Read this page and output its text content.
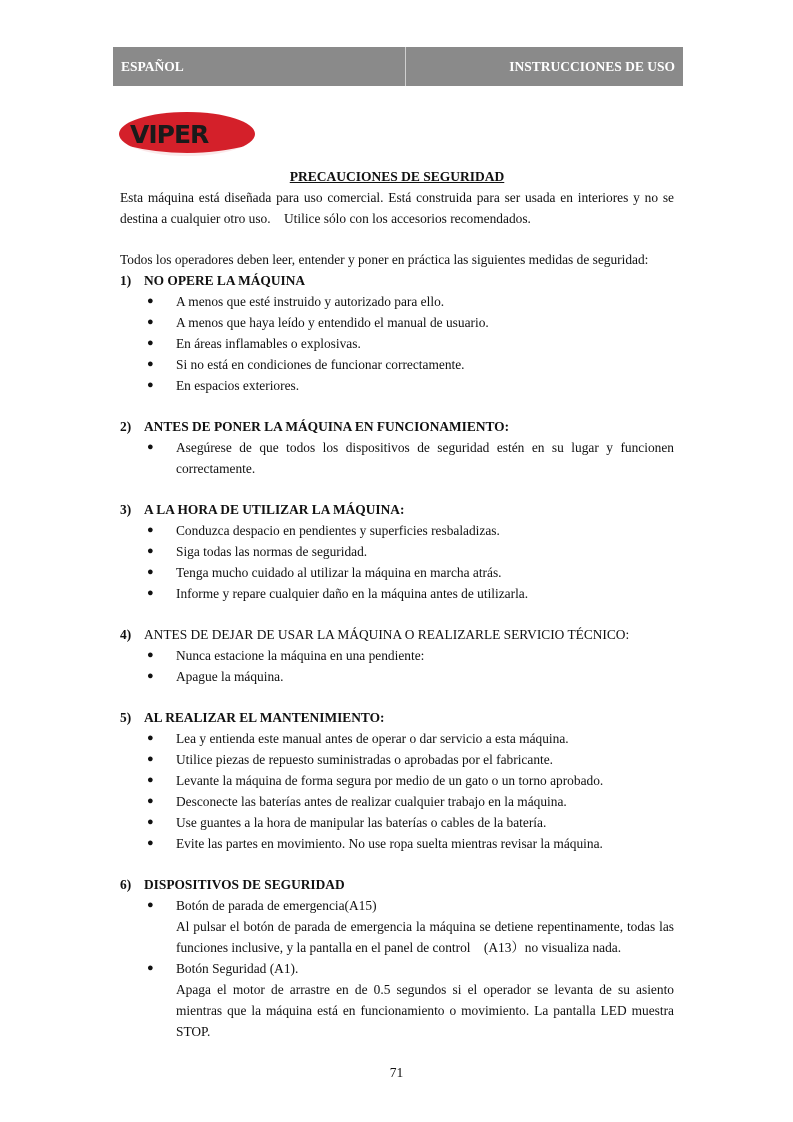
ESPAÑOL	INSTRUCCIONES DE USO
VIPER

PRECAUCIONES DE SEGURIDAD

Esta máquina está diseñada para uso comercial. Está construida para ser usada en interiores y no se destina a cualquier otro uso.　Utilice sólo con los accesorios recomendados.

Todos los operadores deben leer, entender y poner en práctica las siguientes medidas de seguridad:

1) NO OPERE LA MÁQUINA
●	A menos que esté instruido y autorizado para ello.
●	A menos que haya leído y entendido el manual de usuario.
●	En áreas inflamables o explosivas.
●	Si no está en condiciones de funcionar correctamente.
●	En espacios exteriores.
2) ANTES DE PONER LA MÁQUINA EN FUNCIONAMIENTO:
●	Asegúrese de que todos los dispositivos de seguridad estén en su lugar y funcionen correctamente.
3) A LA HORA DE UTILIZAR LA MÁQUINA:
●	Conduzca despacio en pendientes y superficies resbaladizas.
●	Siga todas las normas de seguridad.
●	Tenga mucho cuidado al utilizar la máquina en marcha atrás.
●	Informe y repare cualquier daño en la máquina antes de utilizarla.
4) ANTES DE DEJAR DE USAR LA MÁQUINA O REALIZARLE SERVICIO TÉCNICO:
●	Nunca estacione la máquina en una pendiente:
●	Apague la máquina.
5) AL REALIZAR EL MANTENIMIENTO:
●	Lea y entienda este manual antes de operar o dar servicio a esta máquina.
●	Utilice piezas de repuesto suministradas o aprobadas por el fabricante.
●	Levante la máquina de forma segura por medio de un gato o un torno aprobado.
●	Desconecte las baterías antes de realizar cualquier trabajo en la máquina.
●	Use guantes a la hora de manipular las baterías o cables de la batería.
●	Evite las partes en movimiento. No use ropa suelta mientras revisar la máquina.
6) DISPOSITIVOS DE SEGURIDAD
●	Botón de parada de emergencia(A15)
Al pulsar el botón de parada de emergencia la máquina se detiene repentinamente, todas las funciones inclusive, y la pantalla en el panel de control　(A13）no visualiza nada.
●	Botón Seguridad (A1).
Apaga el motor de arrastre en de 0.5 segundos si el operador se levanta de su asiento mientras que la máquina está en funcionamiento o movimiento. La pantalla LED muestra STOP.
71
